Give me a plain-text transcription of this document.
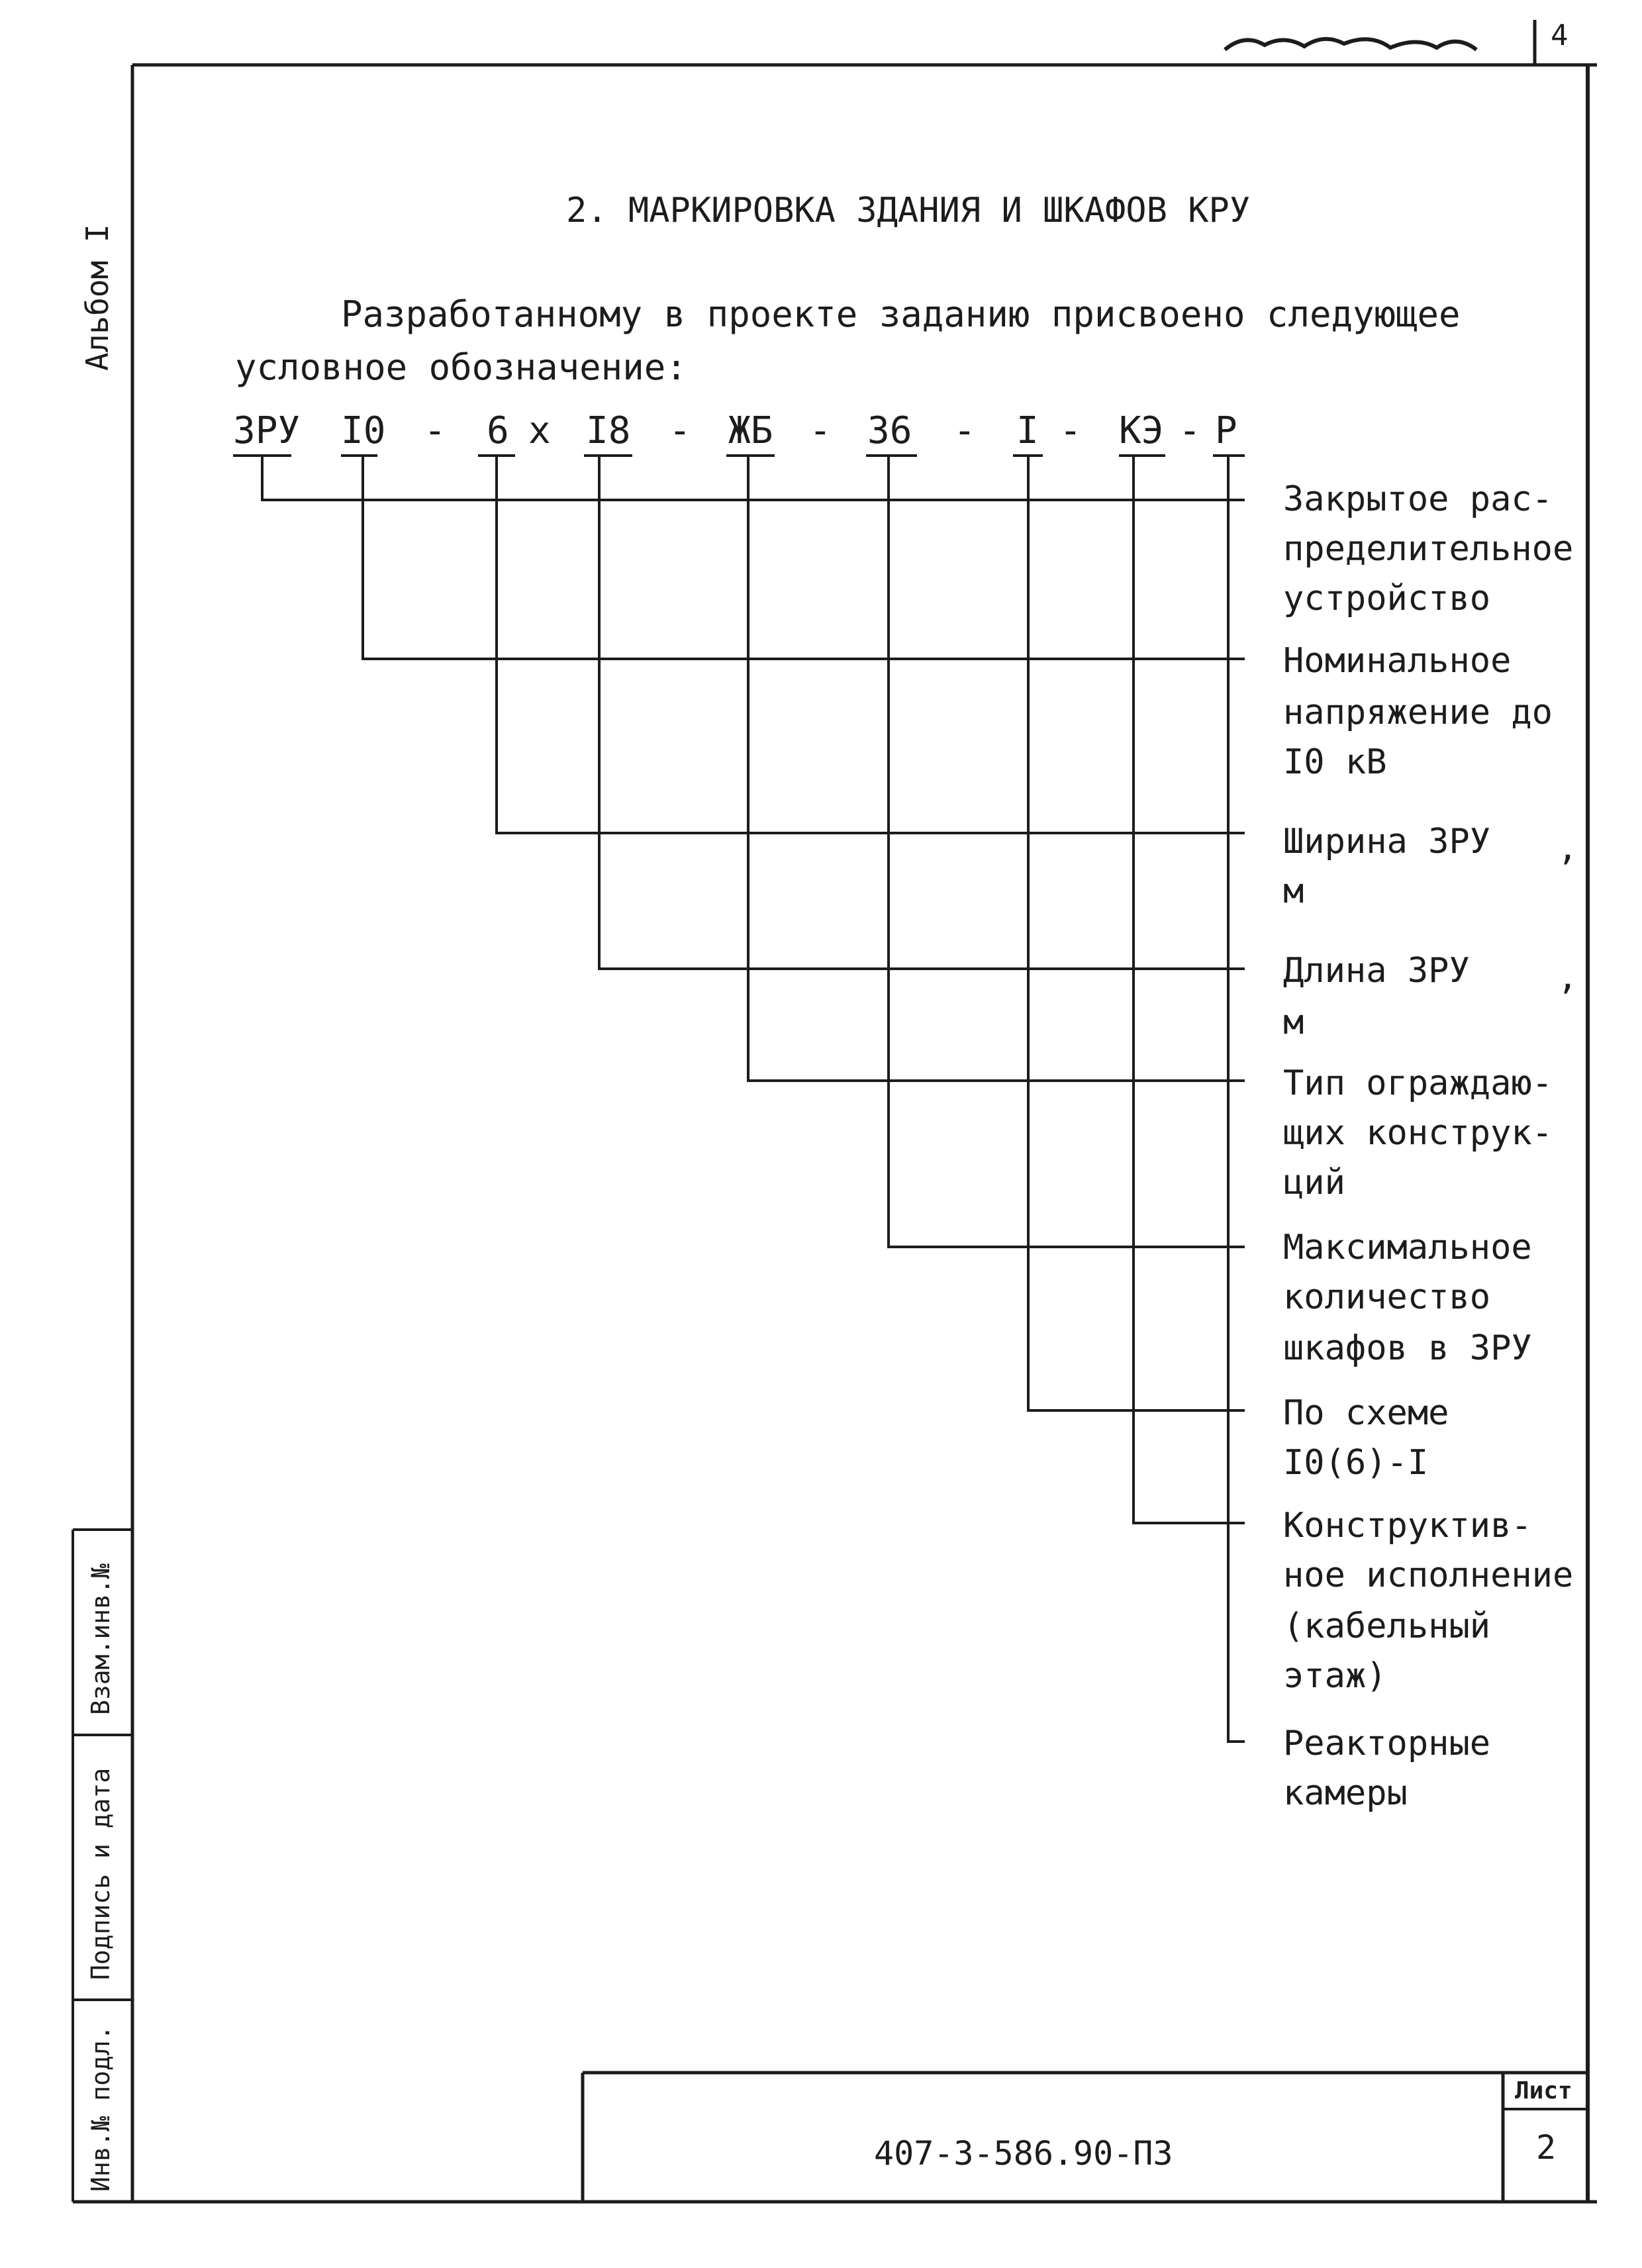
4
Альбом I
Взам.инв.№
Подпись и дата
Инв.№ подл.
2. МАРКИРОВКА ЗДАНИЯ И ШКАФОВ КРУ
Разработанному в проекте заданию присвоено следующее
условное обозначение:
ЗРУ I0 - 6 x I8 - ЖБ - 36 - I - КЭ - Р
Закрытое рас-
пределительное
устройство
Номинальное
напряжение до
I0 кВ
Ширина ЗРУ ,
м
Длина ЗРУ	,
м
Тип ограждаю-
щих конструк-
ций
Максимальное
количество
шкафов в ЗРУ
По схеме
I0(6)-I
Конструктив-
ное исполнение
(кабельный
этаж)
Реакторные
камеры
407-3-586.90-ПЗ
Лист
2
